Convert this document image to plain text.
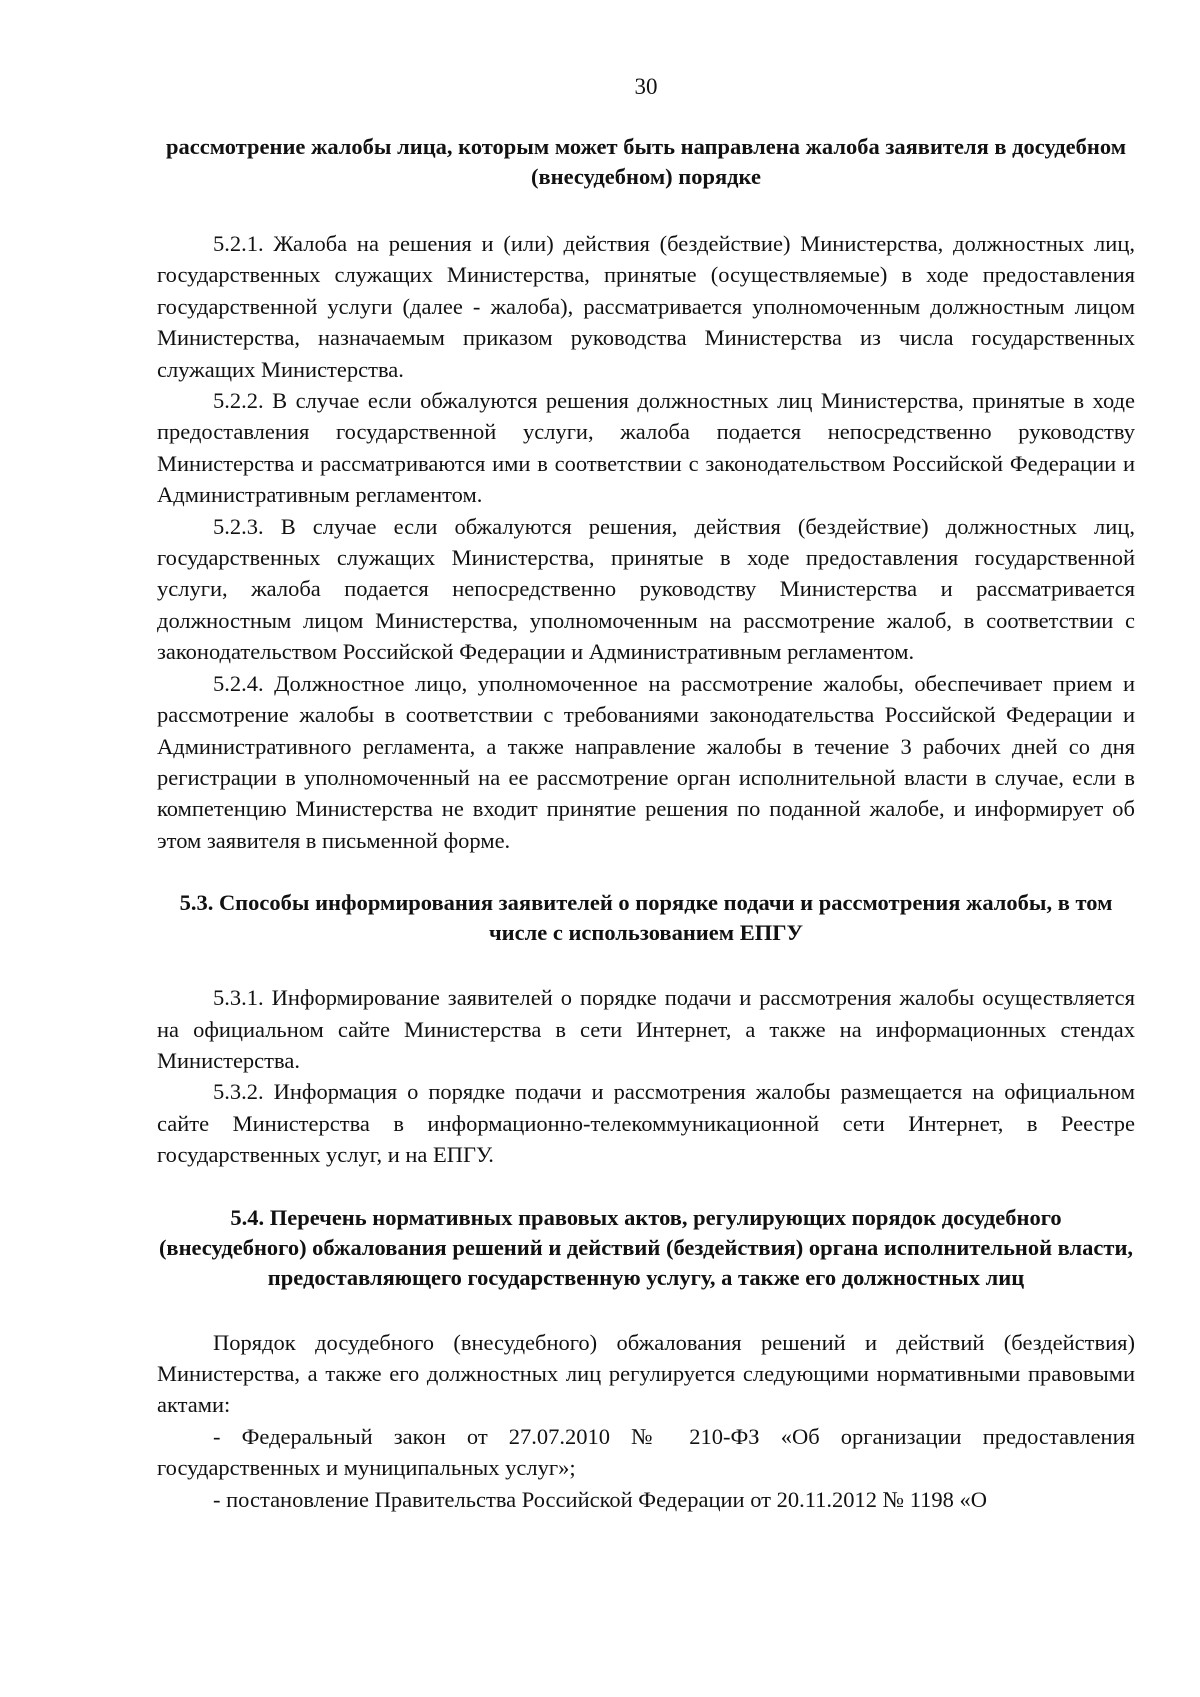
30
рассмотрение жалобы лица, которым может быть направлена жалоба заявителя в досудебном (внесудебном) порядке

5.2.1. Жалоба на решения и (или) действия (бездействие) Министерства, должностных лиц, государственных служащих Министерства, принятые (осуществляемые) в ходе предоставления государственной услуги (далее - жалоба), рассматривается уполномоченным должностным лицом Министерства, назначаемым приказом руководства Министерства из числа государственных служащих Министерства.

5.2.2. В случае если обжалуются решения должностных лиц Министерства, принятые в ходе предоставления государственной услуги, жалоба подается непосредственно руководству Министерства и рассматриваются ими в соответствии с законодательством Российской Федерации и Административным регламентом.

5.2.3. В случае если обжалуются решения, действия (бездействие) должностных лиц, государственных служащих Министерства, принятые в ходе предоставления государственной услуги, жалоба подается непосредственно руководству Министерства и рассматривается должностным лицом Министерства, уполномоченным на рассмотрение жалоб, в соответствии с законодательством Российской Федерации и Административным регламентом.

5.2.4. Должностное лицо, уполномоченное на рассмотрение жалобы, обеспечивает прием и рассмотрение жалобы в соответствии с требованиями законодательства Российской Федерации и Административного регламента, а также направление жалобы в течение 3 рабочих дней со дня регистрации в уполномоченный на ее рассмотрение орган исполнительной власти в случае, если в компетенцию Министерства не входит принятие решения по поданной жалобе, и информирует об этом заявителя в письменной форме.

5.3. Способы информирования заявителей о порядке подачи и рассмотрения жалобы, в том числе с использованием ЕПГУ

5.3.1. Информирование заявителей о порядке подачи и рассмотрения жалобы осуществляется на официальном сайте Министерства в сети Интернет, а также на информационных стендах Министерства.

5.3.2. Информация о порядке подачи и рассмотрения жалобы размещается на официальном сайте Министерства в информационно-телекоммуникационной сети Интернет, в Реестре государственных услуг, и на ЕПГУ.

5.4. Перечень нормативных правовых актов, регулирующих порядок досудебного (внесудебного) обжалования решений и действий (бездействия) органа исполнительной власти, предоставляющего государственную услугу, а также его должностных лиц

Порядок досудебного (внесудебного) обжалования решений и действий (бездействия) Министерства, а также его должностных лиц регулируется следующими нормативными правовыми актами:

- Федеральный закон от 27.07.2010 № 210-ФЗ «Об организации предоставления государственных и муниципальных услуг»;

- постановление Правительства Российской Федерации от 20.11.2012 № 1198 «О
